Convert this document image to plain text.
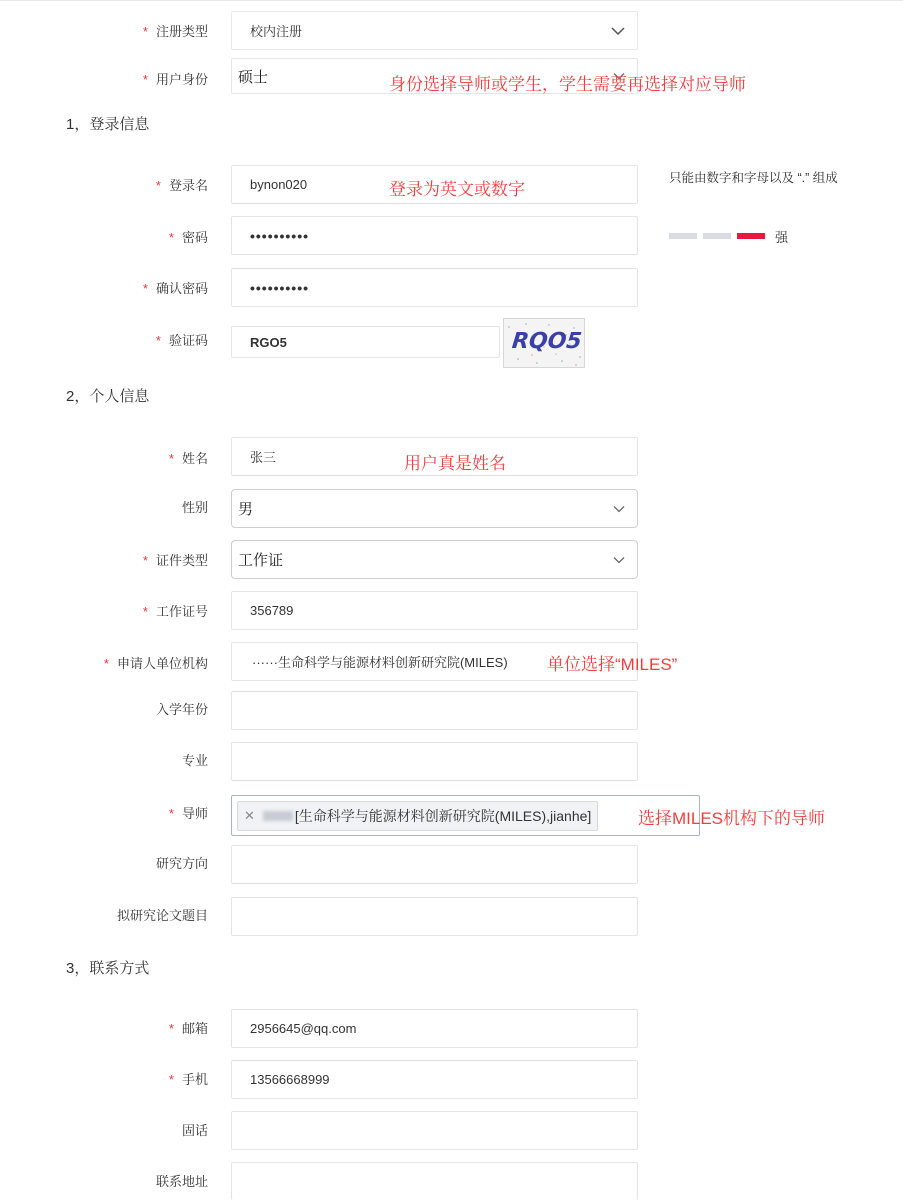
* 注册类型	校内注册
* 用户身份 硕士	身份选择导师或学生，学生需要再选择对应导师
1，登录信息
* 登录名	bynon020	登录为英文或数字
只能由数字和字母以及 “.” 组成
* 密码	••••••••••	强
* 确认密码	••••••••••
* 验证码	RGO5	RQO5
2，个人信息
* 姓名	张三	用户真是姓名
性别 男
* 证件类型 工作证
* 工作证号	356789
* 申请人单位机构	······生命科学与能源材料创新研究院(MILES) 单位选择“MILES”
入学年份
专业
* 导师	✕	[生命科学与能源材料创新研究院(MILES),jianhe]	选择MILES机构下的导师
研究方向
拟研究论文题目
3，联系方式
* 邮箱	2956645@qq.com
* 手机	13566668999
固话
联系地址
